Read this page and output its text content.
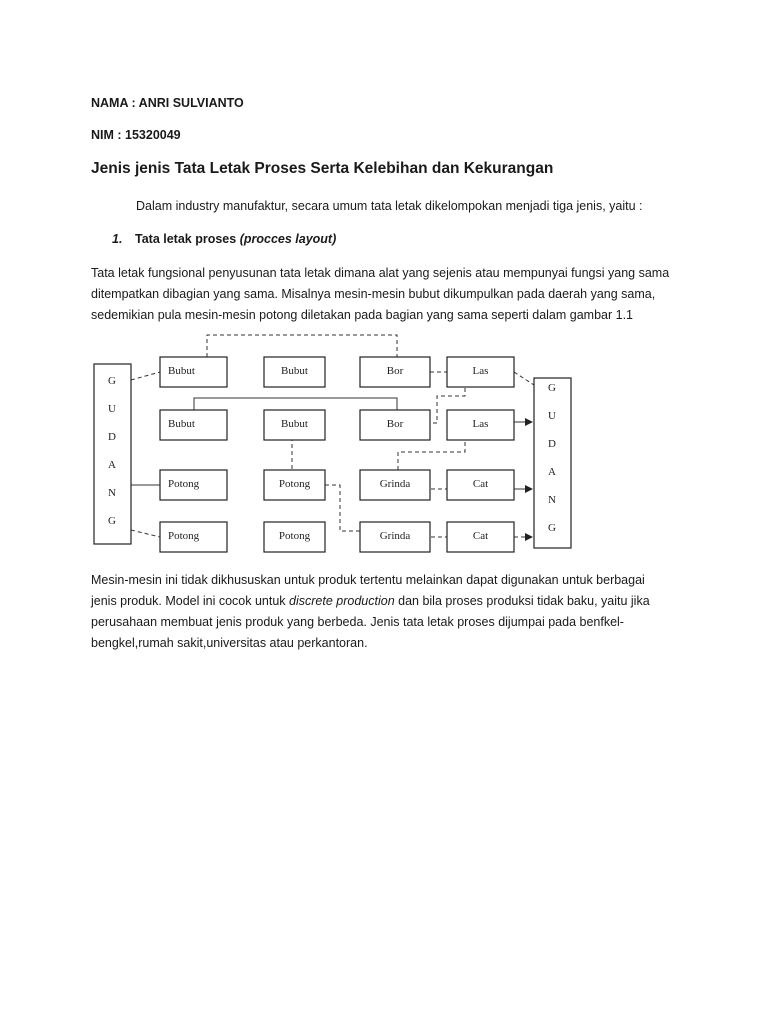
NAMA : ANRI SULVIANTO
NIM : 15320049
Jenis jenis Tata Letak Proses Serta Kelebihan dan Kekurangan
Dalam industry manufaktur, secara umum tata letak dikelompokan menjadi tiga jenis, yaitu :
1. Tata letak proses (procces layout)

Tata letak fungsional penyusunan tata letak dimana alat yang sejenis atau mempunyai fungsi yang sama

ditempatkan dibagian yang sama. Misalnya mesin-mesin bubut dikumpulkan pada daerah yang sama,

sedemikian pula mesin-mesin potong diletakan pada bagian yang sama seperti dalam gambar 1.1

G
U
D
A
N
G
G
U
D
A
N
G
Bubut	Bubut	Bor	Las
Bubut	Bubut	Bor	Las
Potong	Potong	Grinda	Cat
Potong	Potong	Grinda	Cat

Mesin-mesin ini tidak dikhususkan untuk produk tertentu melainkan dapat digunakan untuk berbagai

jenis produk. Model ini cocok untuk discrete production dan bila proses produksi tidak baku, yaitu jika

perusahaan membuat jenis produk yang berbeda. Jenis tata letak proses dijumpai pada benfkel-

bengkel,rumah sakit,universitas atau perkantoran.
